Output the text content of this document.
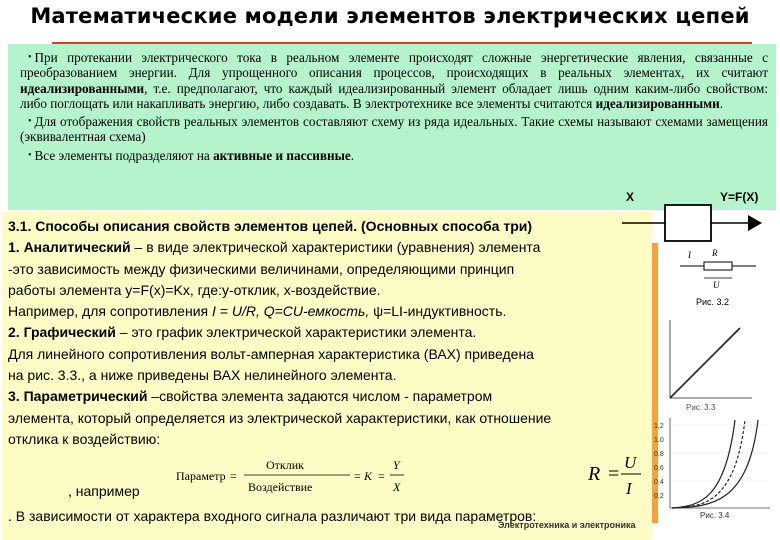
Математические модели элементов электрических цепей

• При протекании электрического тока в реальном элементе происходят сложные энергетические явления, связанные с преобразованием энергии. Для упрощенного описания процессов, происходящих в реальных элементах, их считают идеализированными, т.е. предполагают, что каждый идеализированный элемент обладает лишь одним каким-либо свойством: либо поглощать или накапливать энергию, либо создавать. В электротехнике все элементы считаются идеализированными.

• Для отображения свойств реальных элементов составляют схему из ряда идеальных. Такие схемы называют схемами замещения (эквивалентная схема)

• Все элементы подразделяют на активные и пассивные.

3.1. Способы описания свойств элементов цепей. (Основных способа три)
1. Аналитический – в виде электрической характеристики (уравнения) элемента
-это зависимость между физическими величинами, определяющими принцип
работы элемента y=F(x)=Kx, где:y-отклик, x-воздействие.
Например, для сопротивления I = U/R, Q=CU-емкость, ψ=LI-индуктивность.
2. Графический – это график электрической характеристики элемента.
Для линейного сопротивления вольт-амперная характеристика (ВАХ) приведена
на рис. 3.3., а ниже приведены ВАХ нелинейного элемента.
3. Параметрический –свойства элемента задаются числом - параметром
элемента, который определяется из электрической характеристики, как отношение
отклика к воздействию:
Параметр =
Отклик
Воздействие
= K =
Y
X
R =
U
I
, например
. В зависимости от характера входного сигнала различают три вида параметров:
X	Y=F(X)
I R
U
Рис. 3.2
Рис. 3.3
1,2
1,0
0,8
0,6
0,4
0,2
Рис. 3.4
Электротехника и электроника
